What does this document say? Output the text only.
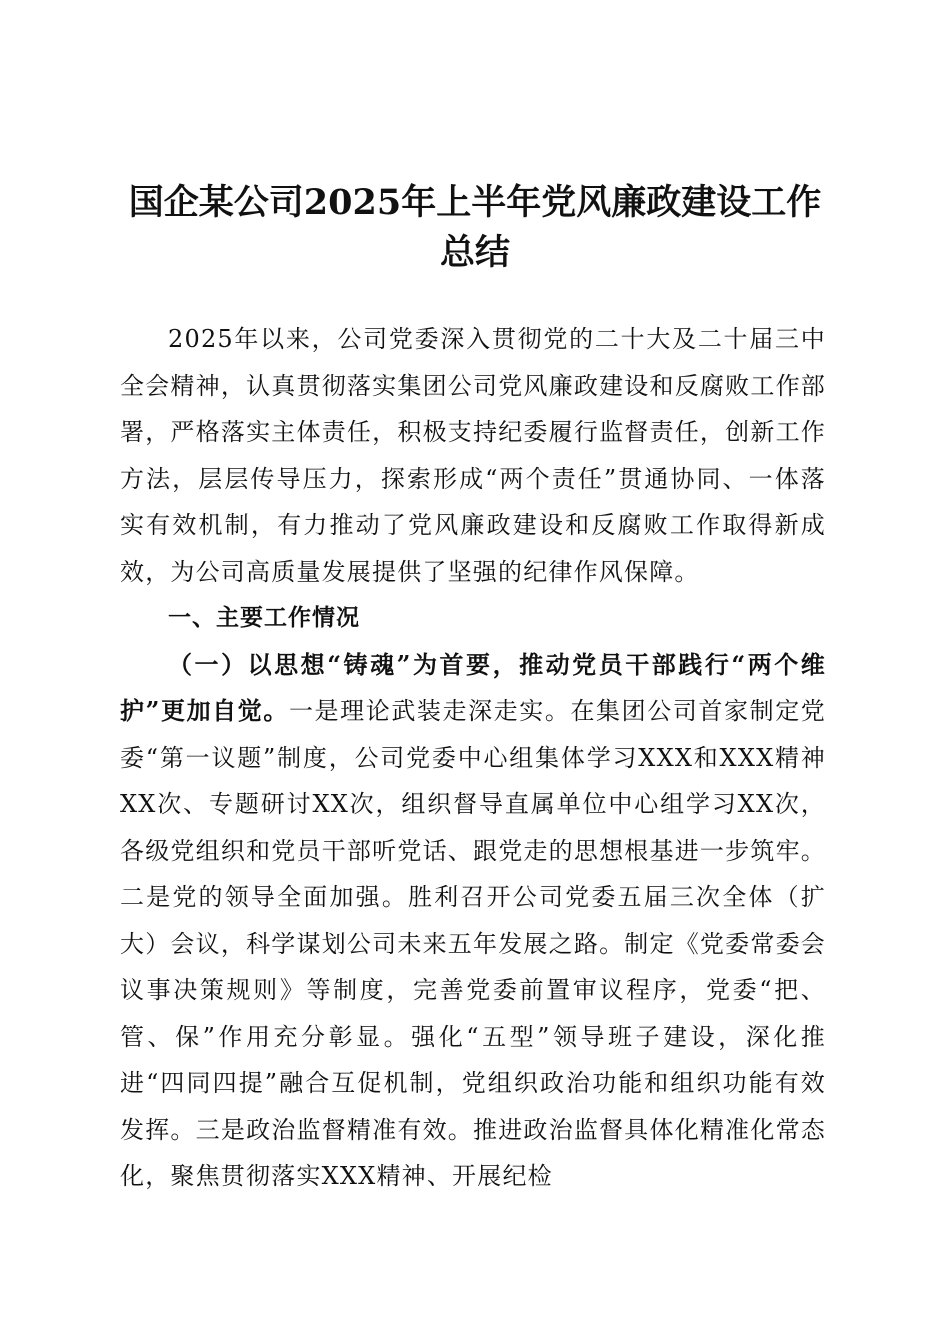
国企某公司2025年上半年党风廉政建设工作
总结

2025年以来，公司党委深入贯彻党的二十大及二十届三中全会精神，认真贯彻落实集团公司党风廉政建设和反腐败工作部署，严格落实主体责任，积极支持纪委履行监督责任，创新工作方法，层层传导压力，探索形成“两个责任”贯通协同、一体落实有效机制，有力推动了党风廉政建设和反腐败工作取得新成效，为公司高质量发展提供了坚强的纪律作风保障。

一、主要工作情况

（一）以思想“铸魂”为首要，推动党员干部践行“两个维护”更加自觉。一是理论武装走深走实。在集团公司首家制定党委“第一议题”制度，公司党委中心组集体学习XXX和XXX精神XX次、专题研讨XX次，组织督导直属单位中心组学习XX次，各级党组织和党员干部听党话、跟党走的思想根基进一步筑牢。二是党的领导全面加强。胜利召开公司党委五届三次全体（扩大）会议，科学谋划公司未来五年发展之路。制定《党委常委会议事决策规则》等制度，完善党委前置审议程序，党委“把、管、保”作用充分彰显。强化“五型”领导班子建设，深化推进“四同四提”融合互促机制，党组织政治功能和组织功能有效发挥。三是政治监督精准有效。推进政治监督具体化精准化常态化，聚焦贯彻落实XXX精神、开展纪检
